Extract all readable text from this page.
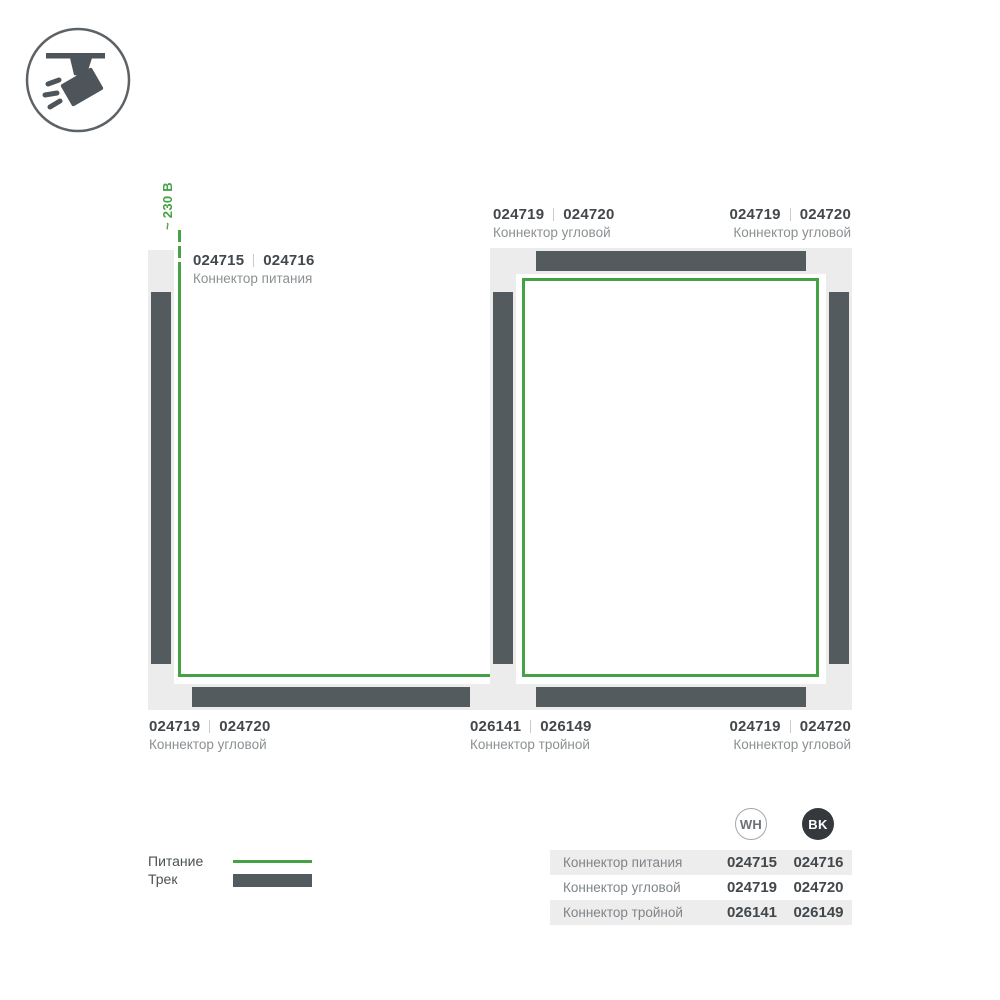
~ 230 В
024715 024716
Коннектор питания
024719 024720
Коннектор угловой
024719 024720
Коннектор угловой
024719 024720
Коннектор угловой
026141 026149
Коннектор тройной
024719 024720
Коннектор угловой
Питание
Трек
WH	BK
Коннектор питания	024715	024716
Коннектор угловой	024719	024720
Коннектор тройной	026141	026149
